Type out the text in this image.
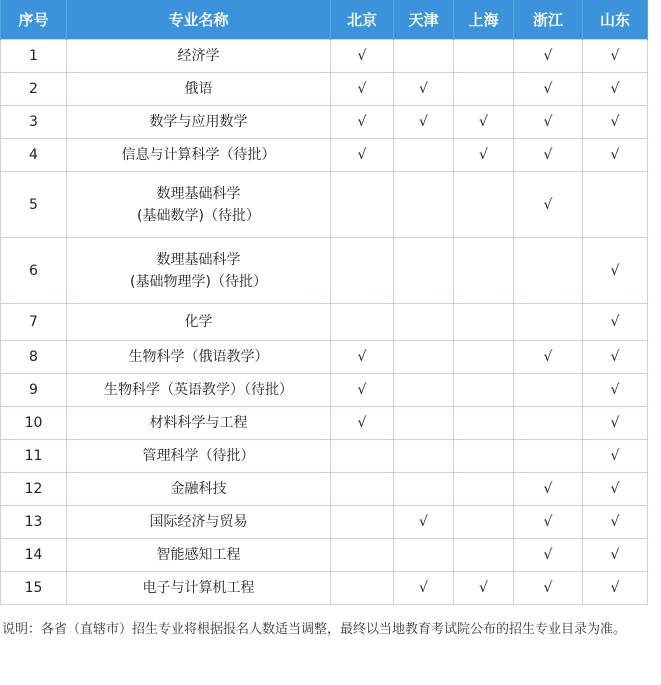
序号	专业名称	北京	天津	上海	浙江	山东
1	经济学	√			√	√
2	俄语	√	√		√	√
3	数学与应用数学	√	√	√	√	√
4	信息与计算科学（待批）	√		√	√	√
5	数理基础科学
(基础数学)（待批）				√	
6	数理基础科学
(基础物理学)（待批）					√
7	化学					√
8	生物科学（俄语教学）	√			√	√
9	生物科学（英语教学）（待批）	√				√
10	材料科学与工程	√				√
11	管理科学（待批）					√
12	金融科技				√	√
13	国际经济与贸易		√		√	√
14	智能感知工程				√	√
15	电子与计算机工程		√	√	√	√
说明：各省（直辖市）招生专业将根据报名人数适当调整，最终以当地教育考试院公布的招生专业目录为准。
